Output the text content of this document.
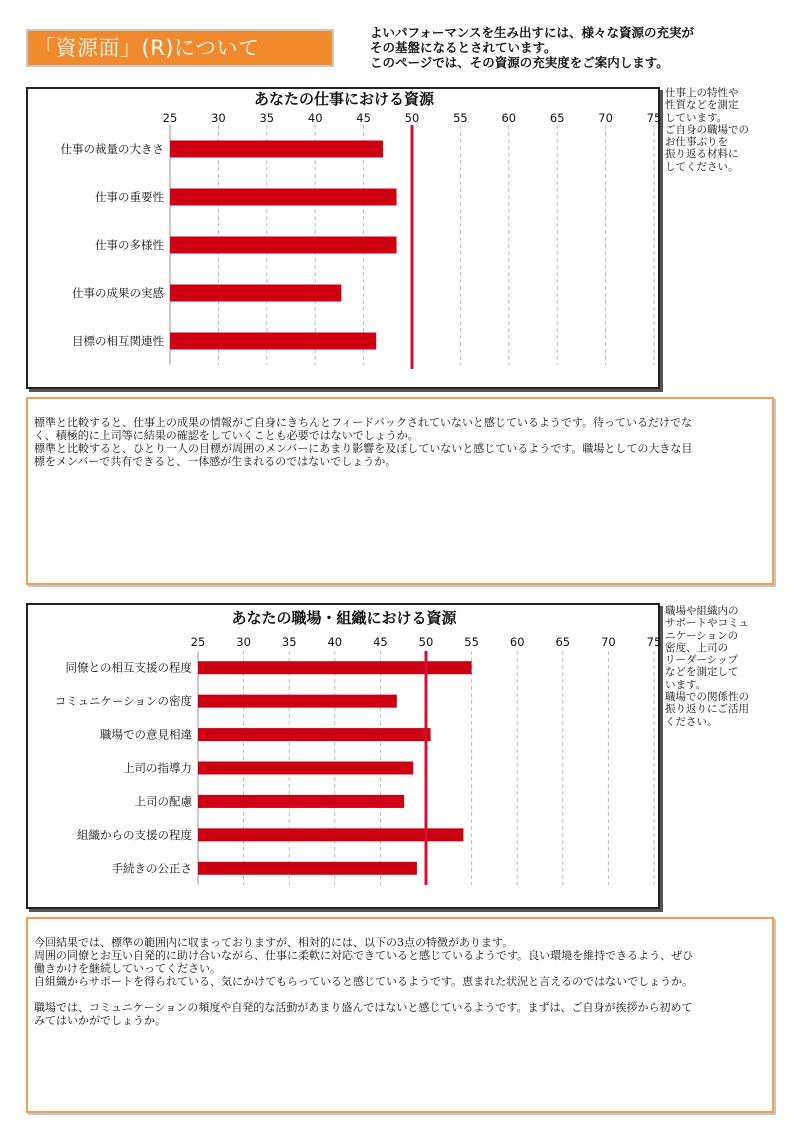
「資源面」(R)について
よいパフォーマンスを生み出すには、様々な資源の充実が
その基盤になるとされています。
このページでは、その資源の充実度をご案内します。
あなたの仕事における資源
25	30	35	40	45	50	55	60	65	70	75
仕事の裁量の大きさ
仕事の重要性
仕事の多様性
仕事の成果の実感
目標の相互関連性
仕事上の特性や
性質などを測定
しています。
ご自身の職場での
お仕事ぶりを
振り返る材料に
してください。

標準と比較すると、仕事上の成果の情報がご自身にきちんとフィードバックされていないと感じているようです。待っているだけでな
く、積極的に上司等に結果の確認をしていくことも必要ではないでしょうか。
標準と比較すると、ひとり一人の目標が周囲のメンバーにあまり影響を及ぼしていないと感じているようです。職場としての大きな目
標をメンバーで共有できると、一体感が生まれるのではないでしょうか。

あなたの職場・組織における資源
25	30	35	40	45	50	55	60	65	70	75
同僚との相互支援の程度
コミュニケーションの密度
職場での意見相違
上司の指導力
上司の配慮
組織からの支援の程度
手続きの公正さ
職場や組織内の
サポートやコミュ
ニケーションの
密度、上司の
リーダーシップ
などを測定して
います。
職場での関係性の
振り返りにご活用
ください。

今回結果では、標準の範囲内に収まっておりますが、相対的には、以下の3点の特徴があります。
周囲の同僚とお互い自発的に助け合いながら、仕事に柔軟に対応できていると感じているようです。良い環境を維持できるよう、ぜひ
働きかけを継続していってください。
自組織からサポートを得られている、気にかけてもらっていると感じているようです。恵まれた状況と言えるのではないでしょうか。

職場では、コミュニケーションの頻度や自発的な活動があまり盛んではないと感じているようです。まずは、ご自身が挨拶から初めて
みてはいかがでしょうか。
